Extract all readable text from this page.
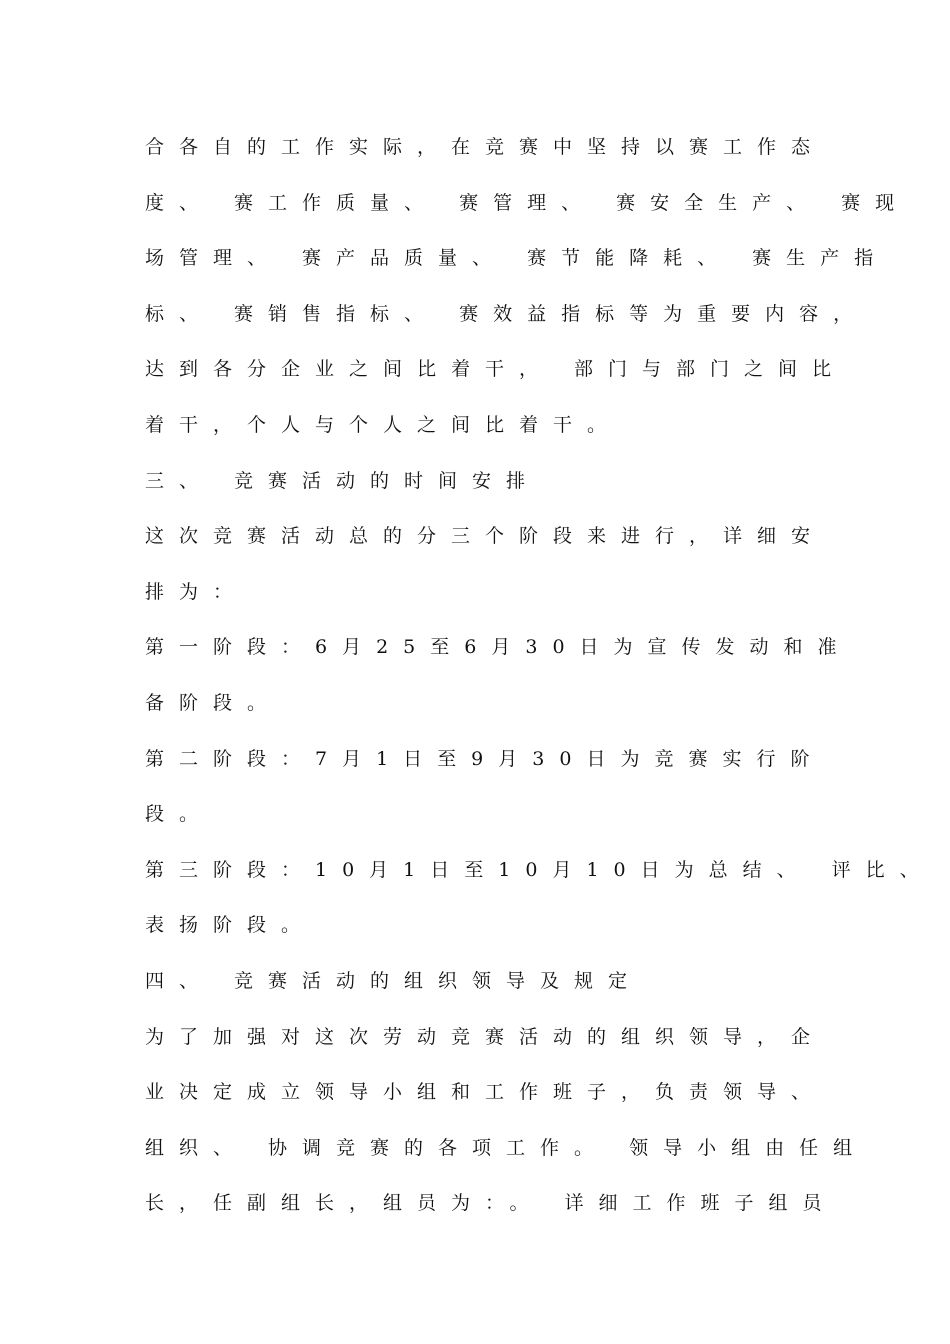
合各自的工作实际，在竞赛中坚持以赛工作态
度、 赛工作质量、 赛管理、 赛安全生产、 赛现
场管理、 赛产品质量、 赛节能降耗、 赛生产指
标、 赛销售指标、 赛效益指标等为重要内容，
达到各分企业之间比着干， 部门与部门之间比
着干，个人与个人之间比着干。
三、 竞赛活动的时间安排
这次竞赛活动总的分三个阶段来进行，详细安
排为：
第一阶段：6月25至6月30日为宣传发动和准
备阶段。
第二阶段：7月1日至9月30日为竞赛实行阶
段。
第三阶段：10月1日至10月10日为总结、 评比、
表扬阶段。
四、 竞赛活动的组织领导及规定
为了加强对这次劳动竞赛活动的组织领导，企
业决定成立领导小组和工作班子，负责领导、
组织、 协调竞赛的各项工作。 领导小组由任组
长，任副组长，组员为：。 详细工作班子组员
